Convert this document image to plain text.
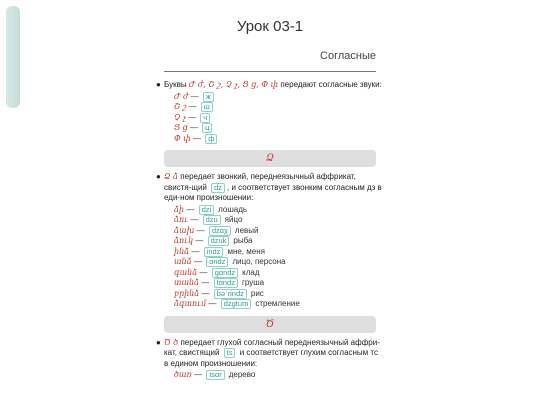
Урок 03-1
Согласные

● Буквы Ժ ժ, Շ շ, Չ չ, Ց ց, Փ փ передают согласные звуки:

Ժ ժ — ж
Շ շ — ш
Չ չ — ч
Ց ց — ц
Փ փ — ф
Ձ

● Ձ ձ передает звонкий, переднеязычный аффрикат, свистя-щий dz , и соответствует звонким согласным дз в еди-ном произношении:

ձի — dzi лошадь
ձու — dzu яйцо
ձախ — dzɑχ левый
ձուկ — dzuk рыба
ինձ — indz мне, меня
անձ — ɑndz лицо, персона
գանձ — gɑndz клад
տանձ — tɑndz груша
բրինձ — bəˈrindz рис
ձգտում — dzgtum стремление
Ծ

● Ծ ծ передает глухой согласный переднеязычный аффри-кат, свистящий ts и соответствует глухим согласным тс в едином произношении:

ծառ — tsɑr дерево
